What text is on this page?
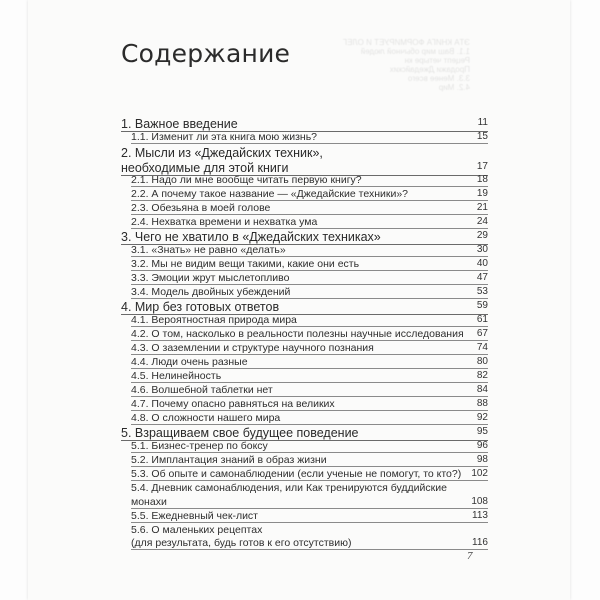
ЭТА КНИГА ФОРМИРУЕТ И ОЛЕГ
1.1. Ваш мир обычной людей
Рецепт четыре кн
Продажи Джедайских
3.3. Менее всего
4.2. Мир
Содержание
1. Важное введение	11
1.1. Изменит ли эта книга мою жизнь?	15
2. Мысли из «Джедайских техник»,
необходимые для этой книги	17
2.1. Надо ли мне вообще читать первую книгу?	18
2.2. А почему такое название — «Джедайские техники»?	19
2.3. Обезьяна в моей голове	21
2.4. Нехватка времени и нехватка ума	24
3. Чего не хватило в «Джедайских техниках»	29
3.1. «Знать» не равно «делать»	30
3.2. Мы не видим вещи такими, какие они есть	40
3.3. Эмоции жрут мыслетопливо	47
3.4. Модель двойных убеждений	53
4. Мир без готовых ответов	59
4.1. Вероятностная природа мира	61
4.2. О том, насколько в реальности полезны научные исследования 67
4.3. О заземлении и структуре научного познания	74
4.4. Люди очень разные	80
4.5. Нелинейность	82
4.6. Волшебной таблетки нет	84
4.7. Почему опасно равняться на великих	88
4.8. О сложности нашего мира	92
5. Взращиваем свое будущее поведение	95
5.1. Бизнес-тренер по боксу	96
5.2. Имплантация знаний в образ жизни	98
5.3. Об опыте и самонаблюдении (если ученые не помогут, то кто?) 102
5.4. Дневник самонаблюдения, или Как тренируются буддийские
монахи	108
5.5. Ежедневный чек-лист	113
5.6. О маленьких рецептах
(для результата, будь готов к его отсутствию)	116
7
